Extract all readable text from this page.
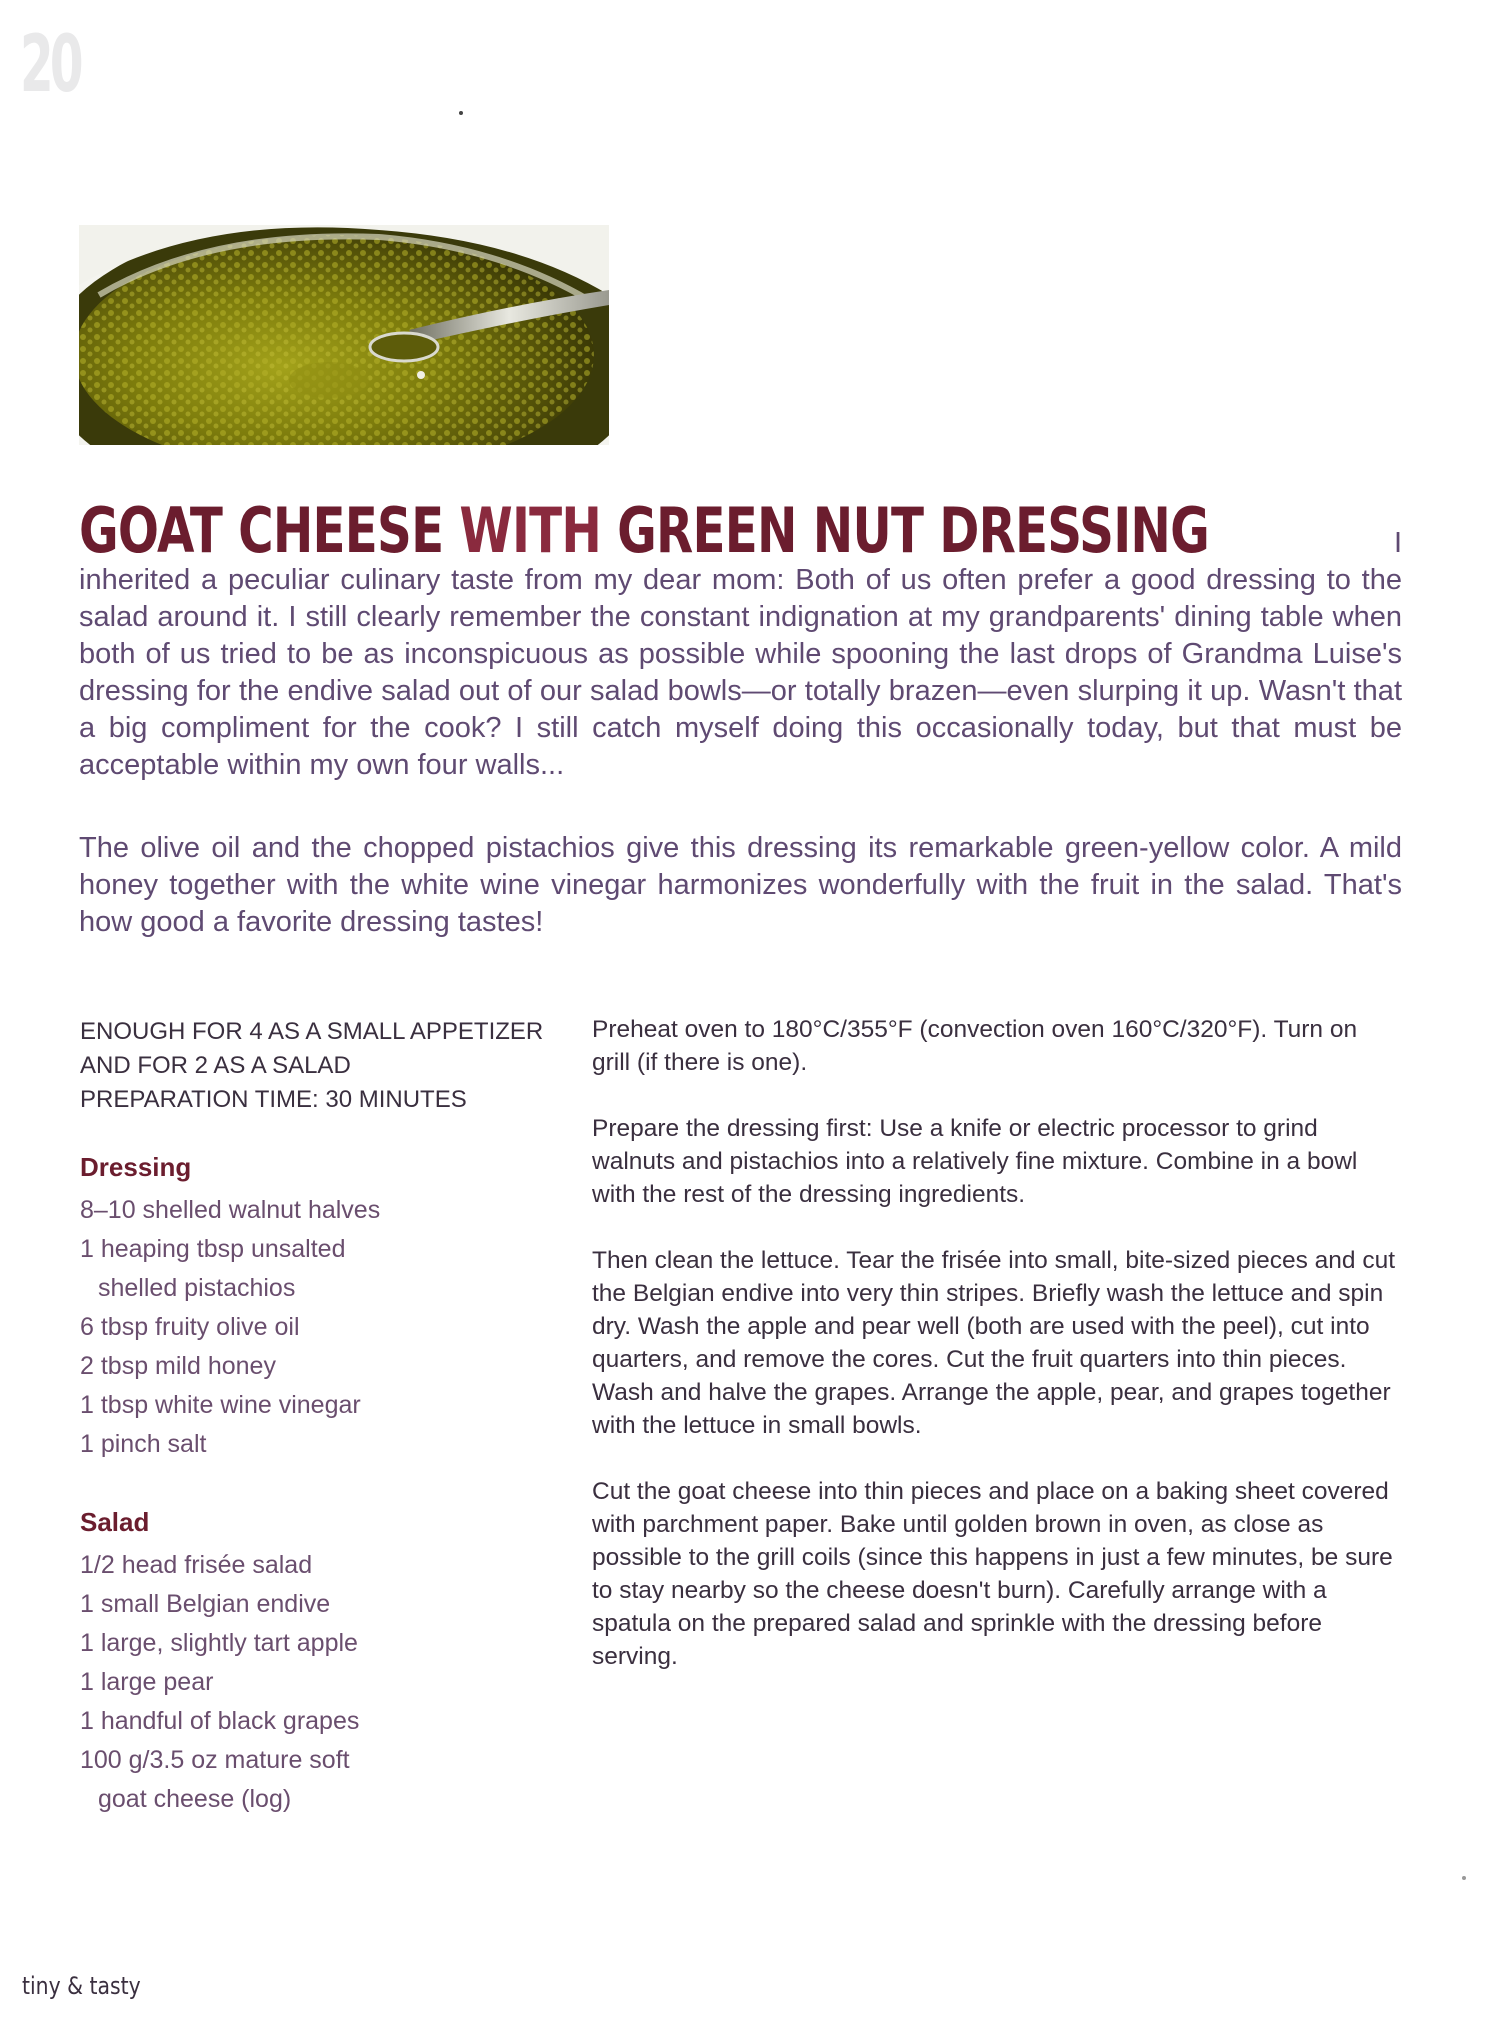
20
GOAT CHEESE WITH GREEN NUT DRESSING	I inherited a peculiar culinary taste from my dear mom: Both of us often prefer a good dressing to the salad around it. I still clearly remember the constant indignation at my grandparents' dining table when both of us tried to be as inconspicuous as possible while spooning the last drops of Grandma Luise's dressing for the endive salad out of our salad bowls—or totally brazen—even slurping it up. Wasn't that a big compliment for the cook? I still catch myself doing this occasionally today, but that must be acceptable within my own four walls...
The olive oil and the chopped pistachios give this dressing its remarkable green-yellow color. A mild honey together with the white wine vinegar harmonizes wonderfully with the fruit in the salad. That's how good a favorite dressing tastes!
ENOUGH FOR 4 AS A SMALL APPETIZER
AND FOR 2 AS A SALAD
PREPARATION TIME: 30 MINUTES
Dressing
8–10 shelled walnut halves
1 heaping tbsp unsalted
shelled pistachios
6 tbsp fruity olive oil
2 tbsp mild honey
1 tbsp white wine vinegar
1 pinch salt
Salad
1/2 head frisée salad
1 small Belgian endive
1 large, slightly tart apple
1 large pear
1 handful of black grapes
100 g/3.5 oz mature soft
goat cheese (log)

Preheat oven to 180°C/355°F (convection oven 160°C/320°F). Turn on grill (if there is one).

Prepare the dressing first: Use a knife or electric processor to grind walnuts and pistachios into a relatively fine mixture. Combine in a bowl with the rest of the dressing ingredients.

Then clean the lettuce. Tear the frisée into small, bite-sized pieces and cut the Belgian endive into very thin stripes. Briefly wash the lettuce and spin dry. Wash the apple and pear well (both are used with the peel), cut into quarters, and remove the cores. Cut the fruit quarters into thin pieces. Wash and halve the grapes. Arrange the apple, pear, and grapes together with the lettuce in small bowls.

Cut the goat cheese into thin pieces and place on a baking sheet covered with parchment paper. Bake until golden brown in oven, as close as possible to the grill coils (since this happens in just a few minutes, be sure to stay nearby so the cheese doesn't burn). Carefully arrange with a spatula on the prepared salad and sprinkle with the dressing before serving.

tiny & tasty
